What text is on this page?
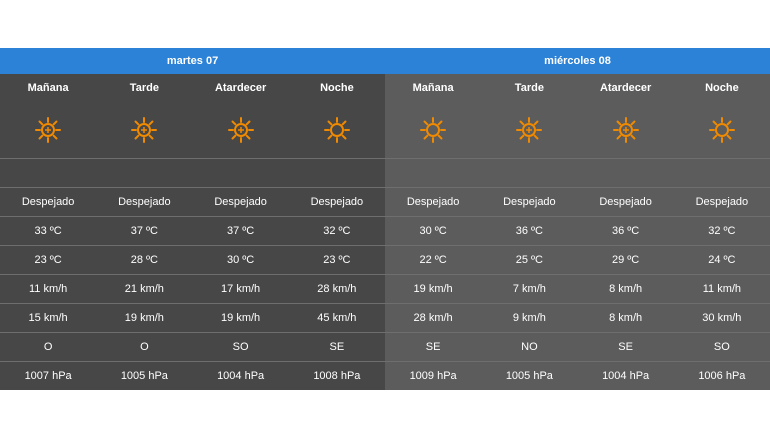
martes 07				miércoles 08			
Mañana	Tarde	Atardecer	Noche	Mañana	Tarde	Atardecer	Noche

Despejado	Despejado	Despejado	Despejado	Despejado	Despejado	Despejado	Despejado
33 ºC	37 ºC	37 ºC	32 ºC	30 ºC	36 ºC	36 ºC	32 ºC
23 ºC	28 ºC	30 ºC	23 ºC	22 ºC	25 ºC	29 ºC	24 ºC
11 km/h	21 km/h	17 km/h	28 km/h	19 km/h	7 km/h	8 km/h	11 km/h
15 km/h	19 km/h	19 km/h	45 km/h	28 km/h	9 km/h	8 km/h	30 km/h
O	O	SO	SE	SE	NO	SE	SO
1007 hPa	1005 hPa	1004 hPa	1008 hPa	1009 hPa	1005 hPa	1004 hPa	1006 hPa
